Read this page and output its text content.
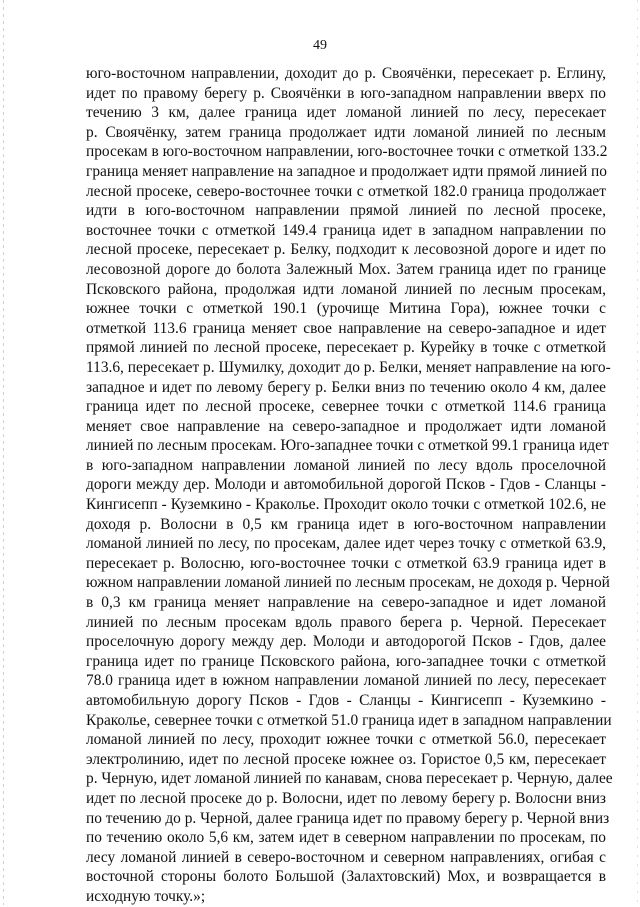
49
юго-восточном направлении, доходит до р. Своячёнки, пересекает р. Еглину,
идет по правому берегу р. Своячёнки в юго-западном направлении вверх по
течению 3 км, далее граница идет ломаной линией по лесу, пересекает
р. Своячёнку, затем граница продолжает идти ломаной линией по лесным
просекам в юго-восточном направлении, юго-восточнее точки с отметкой 133.2
граница меняет направление на западное и продолжает идти прямой линией по
лесной просеке, северо-восточнее точки с отметкой 182.0 граница продолжает
идти в юго-восточном направлении прямой линией по лесной просеке,
восточнее точки с отметкой 149.4 граница идет в западном направлении по
лесной просеке, пересекает р. Белку, подходит к лесовозной дороге и идет по
лесовозной дороге до болота Залежный Мох. Затем граница идет по границе
Псковского района, продолжая идти ломаной линией по лесным просекам,
южнее точки с отметкой 190.1 (урочище Митина Гора), южнее точки с
отметкой 113.6 граница меняет свое направление на северо-западное и идет
прямой линией по лесной просеке, пересекает р. Курейку в точке с отметкой
113.6, пересекает р. Шумилку, доходит до р. Белки, меняет направление на юго-
западное и идет по левому берегу р. Белки вниз по течению около 4 км, далее
граница идет по лесной просеке, севернее точки с отметкой 114.6 граница
меняет свое направление на северо-западное и продолжает идти ломаной
линией по лесным просекам. Юго-западнее точки с отметкой 99.1 граница идет
в юго-западном направлении ломаной линией по лесу вдоль проселочной
дороги между дер. Молоди и автомобильной дорогой Псков - Гдов - Сланцы -
Кингисепп - Куземкино - Краколье. Проходит около точки с отметкой 102.6, не
доходя р. Волосни в 0,5 км граница идет в юго-восточном направлении
ломаной линией по лесу, по просекам, далее идет через точку с отметкой 63.9,
пересекает р. Волосню, юго-восточнее точки с отметкой 63.9 граница идет в
южном направлении ломаной линией по лесным просекам, не доходя р. Черной
в 0,3 км граница меняет направление на северо-западное и идет ломаной
линией по лесным просекам вдоль правого берега р. Черной. Пересекает
проселочную дорогу между дер. Молоди и автодорогой Псков - Гдов, далее
граница идет по границе Псковского района, юго-западнее точки с отметкой
78.0 граница идет в южном направлении ломаной линией по лесу, пересекает
автомобильную дорогу Псков - Гдов - Сланцы - Кингисепп - Куземкино -
Краколье, севернее точки с отметкой 51.0 граница идет в западном направлении
ломаной линией по лесу, проходит южнее точки с отметкой 56.0, пересекает
электролинию, идет по лесной просеке южнее оз. Гористое 0,5 км, пересекает
р. Черную, идет ломаной линией по канавам, снова пересекает р. Черную, далее
идет по лесной просеке до р. Волосни, идет по левому берегу р. Волосни вниз
по течению до р. Черной, далее граница идет по правому берегу р. Черной вниз
по течению около 5,6 км, затем идет в северном направлении по просекам, по
лесу ломаной линией в северо-восточном и северном направлениях, огибая с
восточной стороны болото Большой (Залахтовский) Мох, и возвращается в
исходную точку.»;
